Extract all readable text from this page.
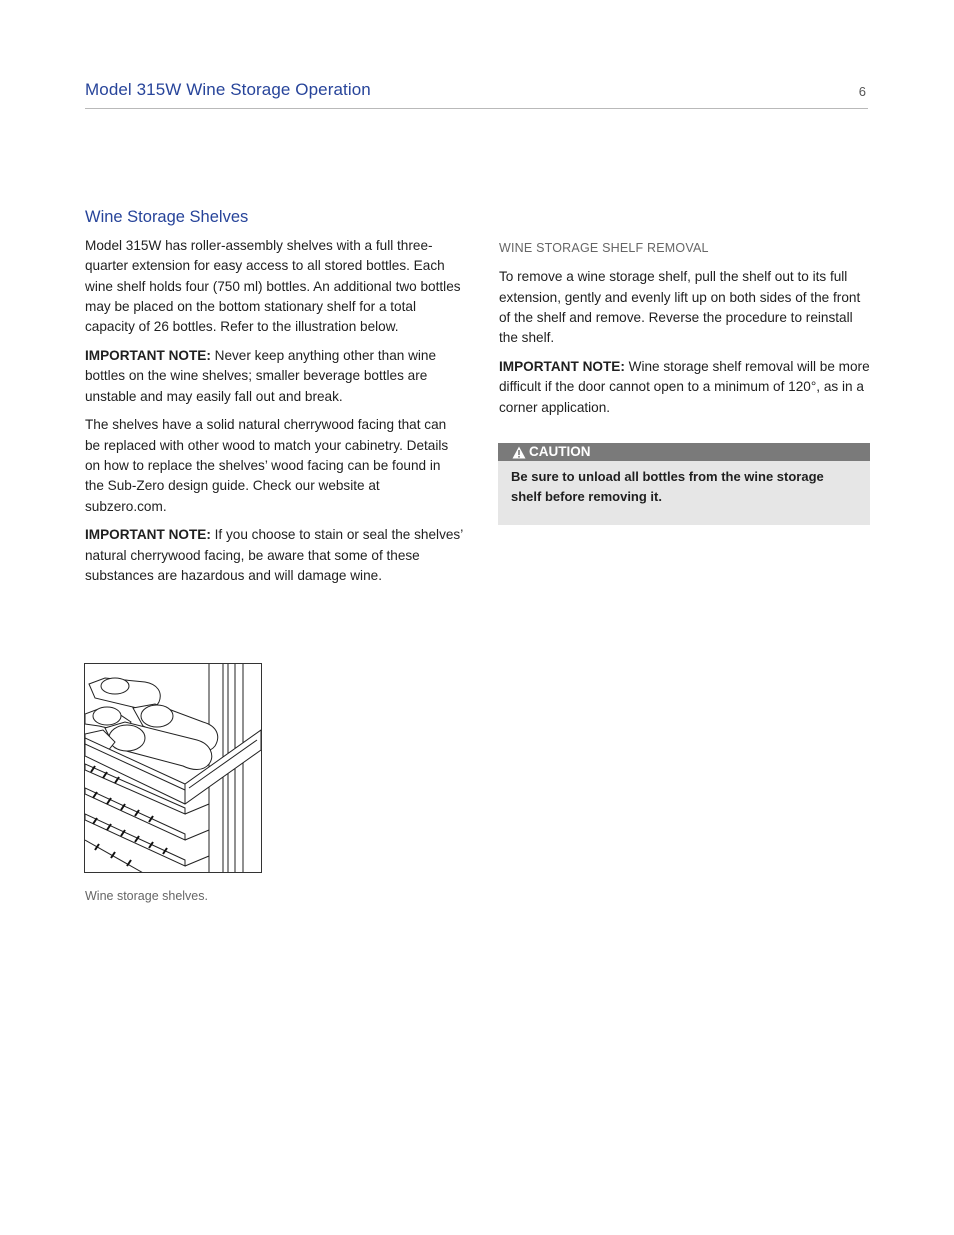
Model 315W Wine Storage Operation	6
Wine Storage Shelves

Model 315W has roller-assembly shelves with a full three-quarter extension for easy access to all stored bottles. Each wine shelf holds four (750 ml) bottles. An additional two bottles may be placed on the bottom stationary shelf for a total capacity of 26 bottles. Refer to the illustration below.

IMPORTANT NOTE: Never keep anything other than wine bottles on the wine shelves; smaller beverage bottles are unstable and may easily fall out and break.

The shelves have a solid natural cherrywood facing that can be replaced with other wood to match your cabinetry. Details on how to replace the shelves’ wood facing can be found in the Sub-Zero design guide. Check our website at subzero.com.

IMPORTANT NOTE: If you choose to stain or seal the shelves’ natural cherrywood facing, be aware that some of these substances are hazardous and will damage wine.

WINE STORAGE SHELF REMOVAL

To remove a wine storage shelf, pull the shelf out to its full extension, gently and evenly lift up on both sides of the front of the shelf and remove. Reverse the procedure to reinstall the shelf.

IMPORTANT NOTE: Wine storage shelf removal will be more difficult if the door cannot open to a minimum of 120°, as in a corner application.

CAUTION
Be sure to unload all bottles from the wine storage shelf before removing it.
Wine storage shelves.
